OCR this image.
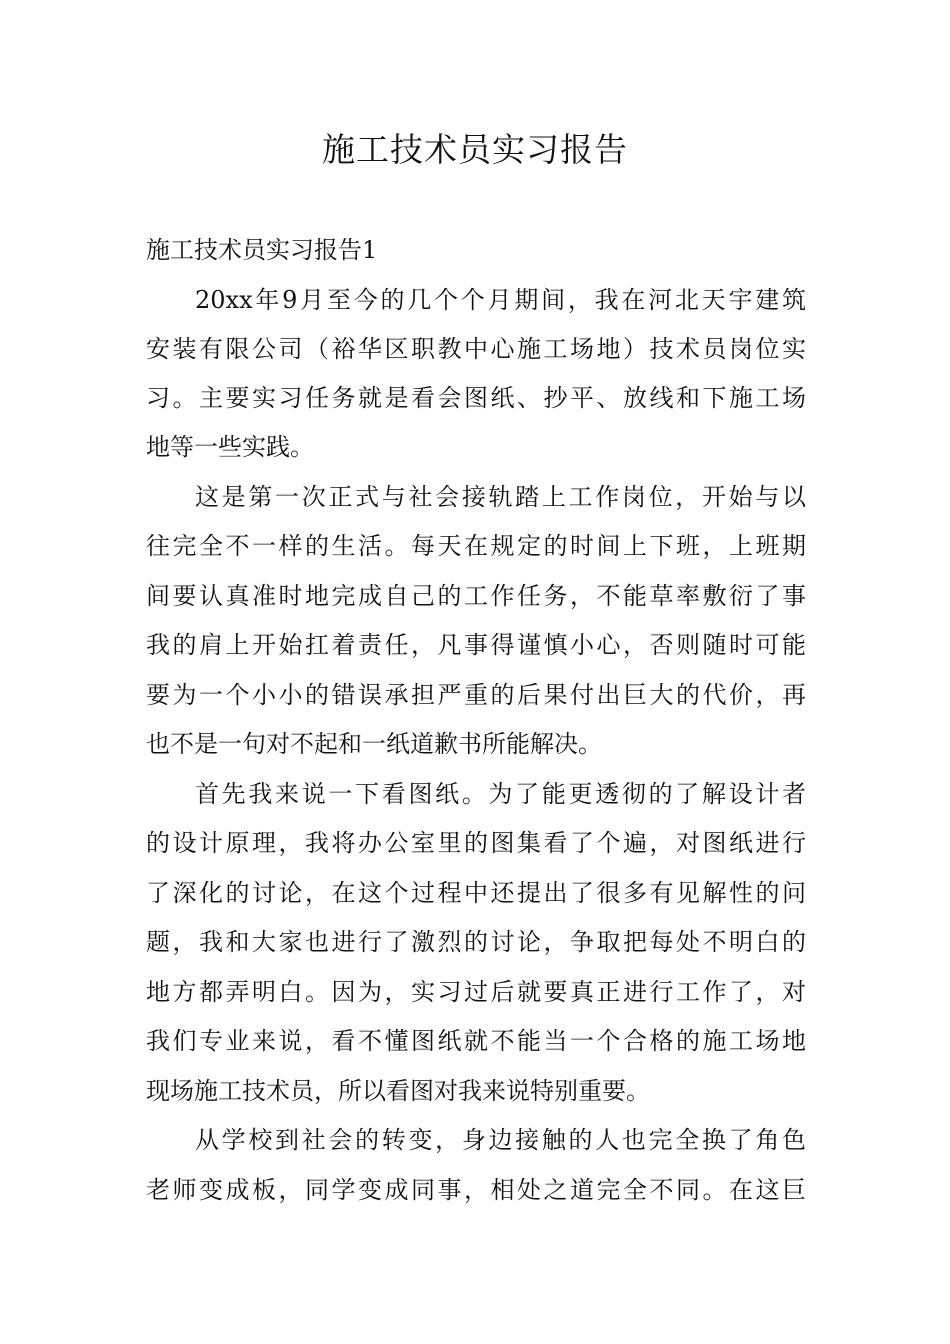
施工技术员实习报告

施工技术员实习报告1

20xx年9月至今的几个个月期间，我在河北天宇建筑

安装有限公司（裕华区职教中心施工场地）技术员岗位实

习。主要实习任务就是看会图纸、抄平、放线和下施工场

地等一些实践。

这是第一次正式与社会接轨踏上工作岗位，开始与以

往完全不一样的生活。每天在规定的时间上下班，上班期

间要认真准时地完成自己的工作任务，不能草率敷衍了事

我的肩上开始扛着责任，凡事得谨慎小心，否则随时可能

要为一个小小的错误承担严重的后果付出巨大的代价，再

也不是一句对不起和一纸道歉书所能解决。

首先我来说一下看图纸。为了能更透彻的了解设计者

的设计原理，我将办公室里的图集看了个遍，对图纸进行

了深化的讨论，在这个过程中还提出了很多有见解性的问

题，我和大家也进行了激烈的讨论，争取把每处不明白的

地方都弄明白。因为，实习过后就要真正进行工作了，对

我们专业来说，看不懂图纸就不能当一个合格的施工场地

现场施工技术员，所以看图对我来说特别重要。

从学校到社会的转变，身边接触的人也完全换了角色

老师变成板，同学变成同事，相处之道完全不同。在这巨
